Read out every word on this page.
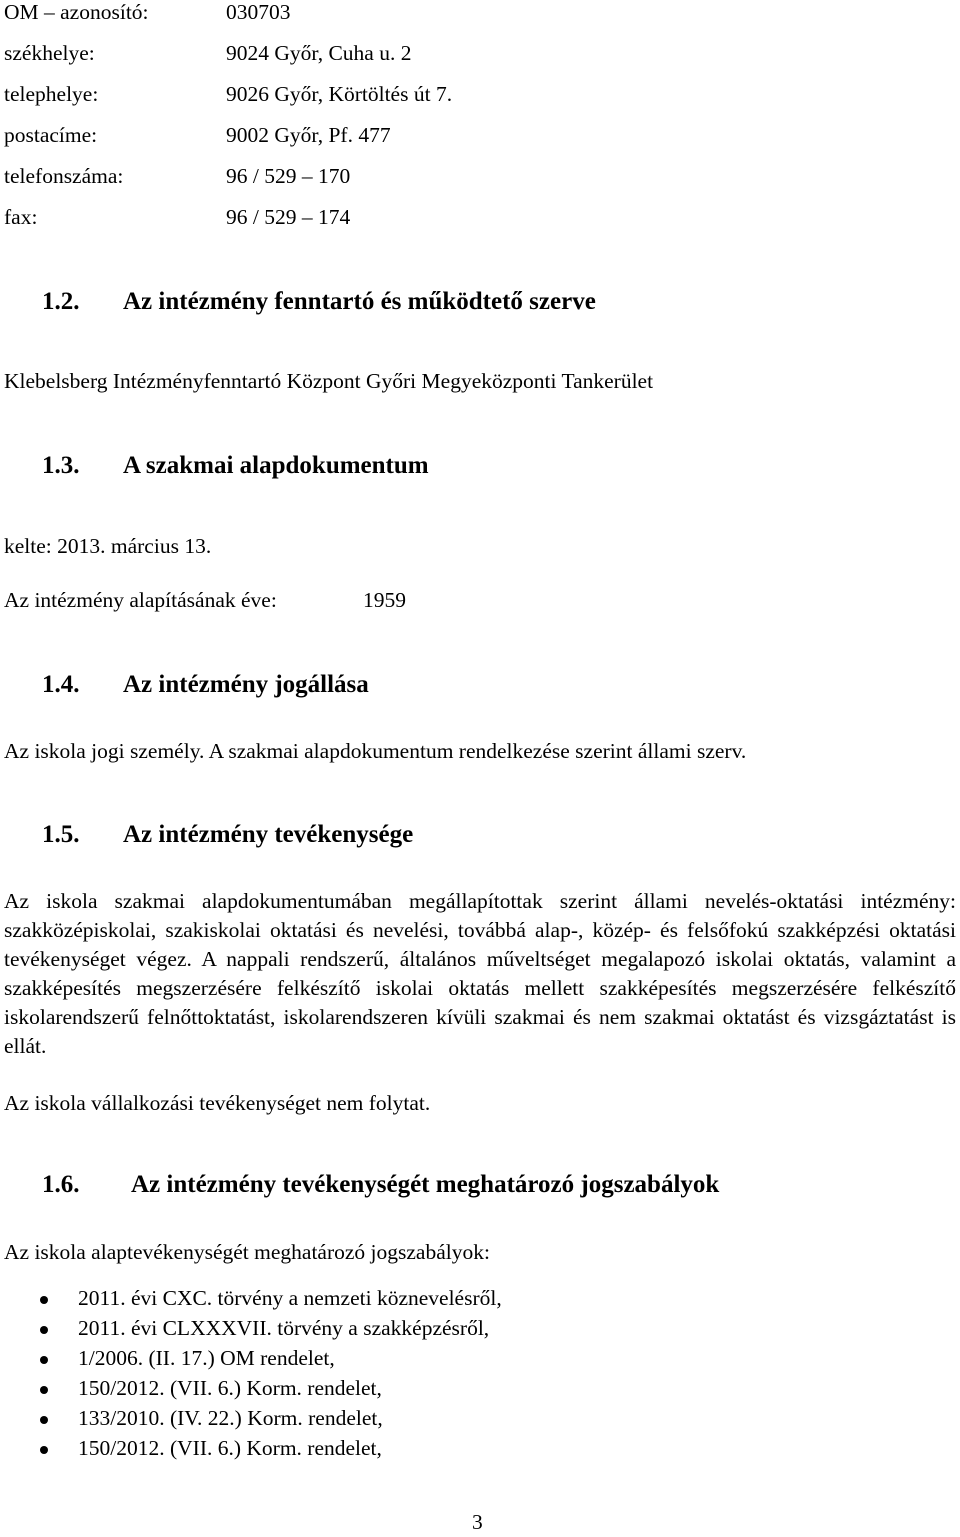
OM – azonosító:	030703
székhelye:	9024 Győr, Cuha u. 2
telephelye:	9026 Győr, Körtöltés út 7.
postacíme:	9002 Győr, Pf. 477
telefonszáma:	96 / 529 – 170
fax:	96 / 529 – 174
1.2. Az intézmény fenntartó és működtető szerve
Klebelsberg Intézményfenntartó Központ Győri Megyeközponti Tankerület
1.3. A szakmai alapdokumentum
kelte: 2013. március 13.
Az intézmény alapításának éve:	1959
1.4. Az intézmény jogállása
Az iskola jogi személy. A szakmai alapdokumentum rendelkezése szerint állami szerv.
1.5. Az intézmény tevékenysége

Az iskola szakmai alapdokumentumában megállapítottak szerint állami nevelés-oktatási intézmény: szakközépiskolai, szakiskolai oktatási és nevelési, továbbá alap-, közép- és felsőfokú szakképzési oktatási tevékenységet végez. A nappali rendszerű, általános műveltséget megalapozó iskolai oktatás, valamint a szakképesítés megszerzésére felkészítő iskolai oktatás mellett szakképesítés megszerzésére felkészítő iskolarendszerű felnőttoktatást, iskolarendszeren kívüli szakmai és nem szakmai oktatást és vizsgáztatást is ellát.

Az iskola vállalkozási tevékenységet nem folytat.
1.6. Az intézmény tevékenységét meghatározó jogszabályok
Az iskola alaptevékenységét meghatározó jogszabályok:
2011. évi CXC. törvény a nemzeti köznevelésről,
2011. évi CLXXXVII. törvény a szakképzésről,
1/2006. (II. 17.) OM rendelet,
150/2012. (VII. 6.) Korm. rendelet,
133/2010. (IV. 22.) Korm. rendelet,
150/2012. (VII. 6.) Korm. rendelet,
3
